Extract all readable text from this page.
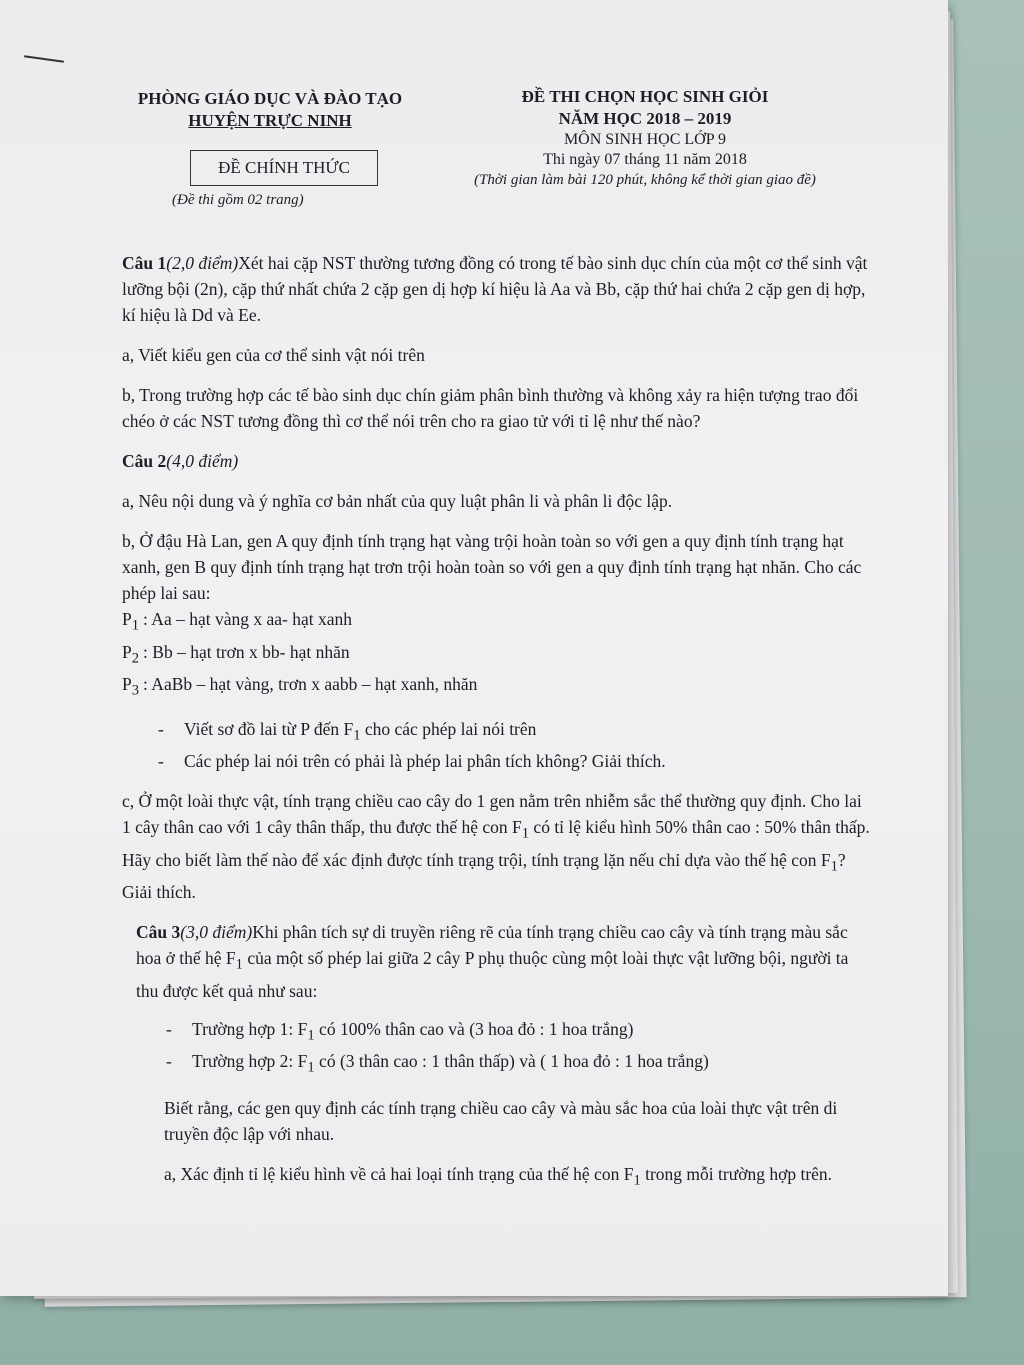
PHÒNG GIÁO DỤC VÀ ĐÀO TẠO
HUYỆN TRỰC NINH
ĐỀ CHÍNH THỨC
(Đề thi gồm 02 trang)
ĐỀ THI CHỌN HỌC SINH GIỎI
NĂM HỌC 2018 – 2019
MÔN SINH HỌC LỚP 9
Thi ngày 07 tháng 11 năm 2018
(Thời gian làm bài 120 phút, không kể thời gian giao đề)

Câu 1(2,0 điểm)Xét hai cặp NST thường tương đồng có trong tế bào sinh dục chín của một cơ thể sinh vật lưỡng bội (2n), cặp thứ nhất chứa 2 cặp gen dị hợp kí hiệu là Aa và Bb, cặp thứ hai chứa 2 cặp gen dị hợp, kí hiệu là Dd và Ee.

a, Viết kiểu gen của cơ thể sinh vật nói trên

b, Trong trường hợp các tế bào sinh dục chín giảm phân bình thường và không xảy ra hiện tượng trao đổi chéo ở các NST tương đồng thì cơ thể nói trên cho ra giao tử với tỉ lệ như thế nào?

Câu 2(4,0 điểm)

a, Nêu nội dung và ý nghĩa cơ bản nhất của quy luật phân li và phân li độc lập.

b, Ở đậu Hà Lan, gen A quy định tính trạng hạt vàng trội hoàn toàn so với gen a quy định tính trạng hạt xanh, gen B quy định tính trạng hạt trơn trội hoàn toàn so với gen a quy định tính trạng hạt nhăn. Cho các phép lai sau:

$P_1$ : Aa – hạt vàng x aa- hạt xanh

$P_2$ : Bb – hạt trơn x bb- hạt nhăn

$P_3$ : AaBb – hạt vàng, trơn x aabb – hạt xanh, nhăn

- Viết sơ đồ lai từ P đến $F_1$ cho các phép lai nói trên
- Các phép lai nói trên có phải là phép lai phân tích không? Giải thích.

c, Ở một loài thực vật, tính trạng chiều cao cây do 1 gen nằm trên nhiễm sắc thể thường quy định. Cho lai 1 cây thân cao với 1 cây thân thấp, thu được thế hệ con $F_1$ có tỉ lệ kiểu hình 50% thân cao : 50% thân thấp. Hãy cho biết làm thế nào để xác định được tính trạng trội, tính trạng lặn nếu chỉ dựa vào thế hệ con $F_1$? Giải thích.

Câu 3(3,0 điểm)Khi phân tích sự di truyền riêng rẽ của tính trạng chiều cao cây và tính trạng màu sắc hoa ở thế hệ $F_1$ của một số phép lai giữa 2 cây P phụ thuộc cùng một loài thực vật lưỡng bội, người ta thu được kết quả như sau:

- Trường hợp 1: $F_1$ có 100% thân cao và (3 hoa đỏ : 1 hoa trắng)
- Trường hợp 2: $F_1$ có (3 thân cao : 1 thân thấp) và ( 1 hoa đỏ : 1 hoa trắng)

Biết rằng, các gen quy định các tính trạng chiều cao cây và màu sắc hoa của loài thực vật trên di truyền độc lập với nhau.

a, Xác định tỉ lệ kiểu hình về cả hai loại tính trạng của thế hệ con $F_1$ trong mỗi trường hợp trên.
